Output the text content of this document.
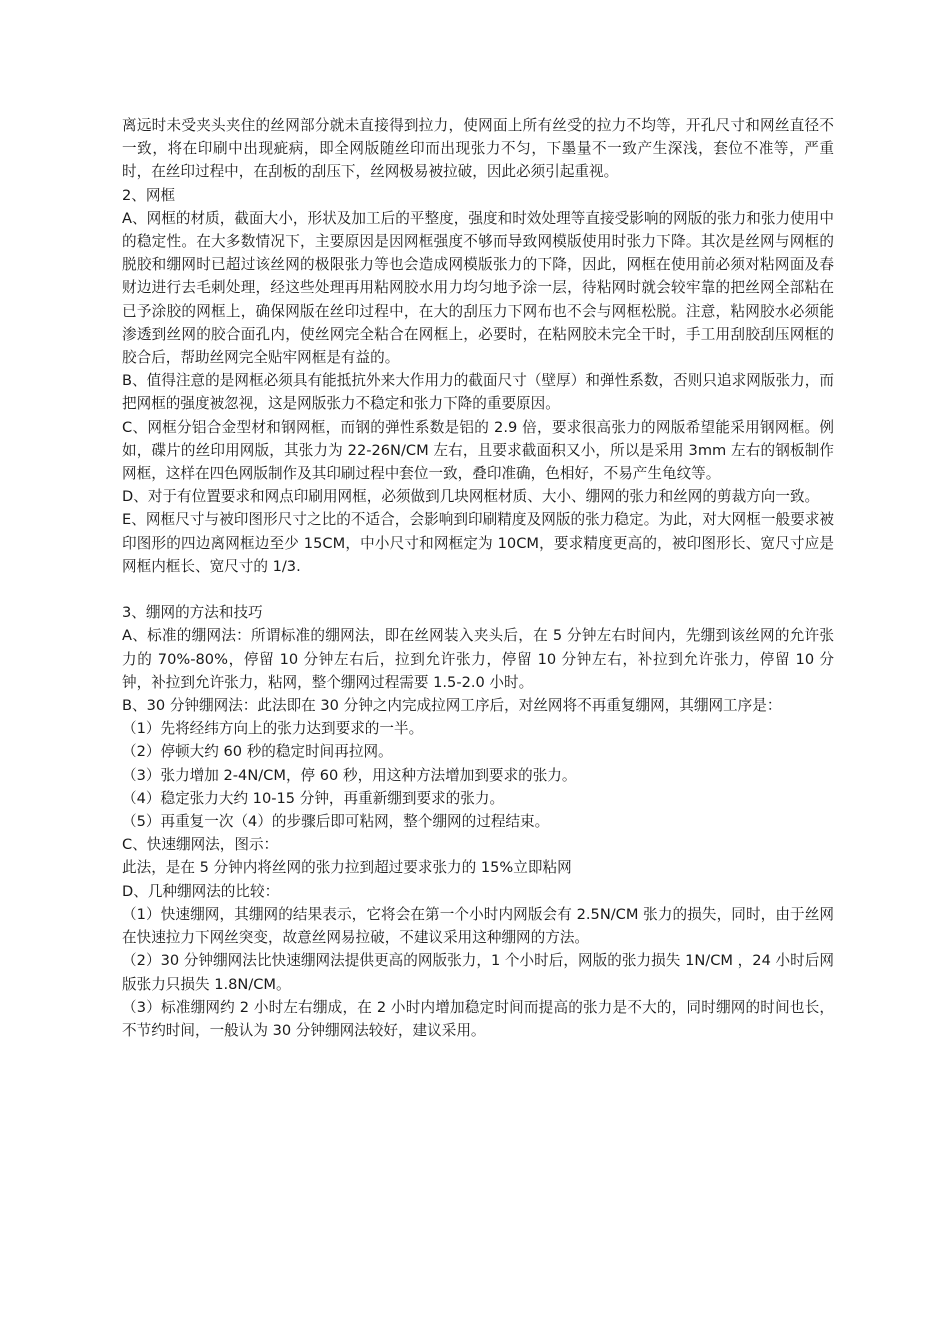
离远时未受夹头夹住的丝网部分就未直接得到拉力，使网面上所有丝受的拉力不均等，开孔尺寸和网丝直径不一致，将在印刷中出现疵病，即全网版随丝印而出现张力不匀，下墨量不一致产生深浅，套位不准等，严重时，在丝印过程中，在刮板的刮压下，丝网极易被拉破，因此必须引起重视。

2、网框

A、网框的材质，截面大小，形状及加工后的平整度，强度和时效处理等直接受影响的网版的张力和张力使用中的稳定性。在大多数情况下，主要原因是因网框强度不够而导致网模版使用时张力下降。其次是丝网与网框的脱胶和绷网时已超过该丝网的极限张力等也会造成网模版张力的下降，因此，网框在使用前必须对粘网面及春财边进行去毛刺处理，经这些处理再用粘网胶水用力均匀地予涂一层，待粘网时就会较牢靠的把丝网全部粘在已予涂胶的网框上，确保网版在丝印过程中，在大的刮压力下网布也不会与网框松脱。注意，粘网胶水必须能渗透到丝网的胶合面孔内，使丝网完全粘合在网框上，必要时，在粘网胶未完全干时，手工用刮胶刮压网框的胶合后，帮助丝网完全贴牢网框是有益的。

B、值得注意的是网框必须具有能抵抗外来大作用力的截面尺寸（壁厚）和弹性系数，否则只追求网版张力，而把网框的强度被忽视，这是网版张力不稳定和张力下降的重要原因。

C、网框分铝合金型材和钢网框，而钢的弹性系数是铝的 2.9 倍，要求很高张力的网版希望能采用钢网框。例如，碟片的丝印用网版，其张力为 22-26N/CM 左右，且要求截面积又小，所以是采用 3mm 左右的钢板制作网框，这样在四色网版制作及其印刷过程中套位一致，叠印准确，色相好，不易产生龟纹等。

D、对于有位置要求和网点印刷用网框，必须做到几块网框材质、大小、绷网的张力和丝网的剪裁方向一致。

E、网框尺寸与被印图形尺寸之比的不适合，会影响到印刷精度及网版的张力稳定。为此，对大网框一般要求被印图形的四边离网框边至少 15CM，中小尺寸和网框定为 10CM，要求精度更高的，被印图形长、宽尺寸应是网框内框长、宽尺寸的 1/3.

3、绷网的方法和技巧

A、标准的绷网法：所谓标准的绷网法，即在丝网装入夹头后，在 5 分钟左右时间内，先绷到该丝网的允许张力的 70%-80%，停留 10 分钟左右后，拉到允许张力，停留 10 分钟左右，补拉到允许张力，停留 10 分钟，补拉到允许张力，粘网，整个绷网过程需要 1.5-2.0 小时。

B、30 分钟绷网法：此法即在 30 分钟之内完成拉网工序后，对丝网将不再重复绷网，其绷网工序是：

（1）先将经纬方向上的张力达到要求的一半。

（2）停顿大约 60 秒的稳定时间再拉网。

（3）张力增加 2-4N/CM，停 60 秒，用这种方法增加到要求的张力。

（4）稳定张力大约 10-15 分钟，再重新绷到要求的张力。

（5）再重复一次（4）的步骤后即可粘网，整个绷网的过程结束。

C、快速绷网法，图示：

此法，是在 5 分钟内将丝网的张力拉到超过要求张力的 15%立即粘网

D、几种绷网法的比较：

（1）快速绷网，其绷网的结果表示，它将会在第一个小时内网版会有 2.5N/CM 张力的损失，同时，由于丝网在快速拉力下网丝突变，故意丝网易拉破，不建议采用这种绷网的方法。

（2）30 分钟绷网法比快速绷网法提供更高的网版张力，1 个小时后，网版的张力损失 1N/CM ，24 小时后网版张力只损失 1.8N/CM。

（3）标准绷网约 2 小时左右绷成，在 2 小时内增加稳定时间而提高的张力是不大的，同时绷网的时间也长，不节约时间，一般认为 30 分钟绷网法较好，建议采用。
